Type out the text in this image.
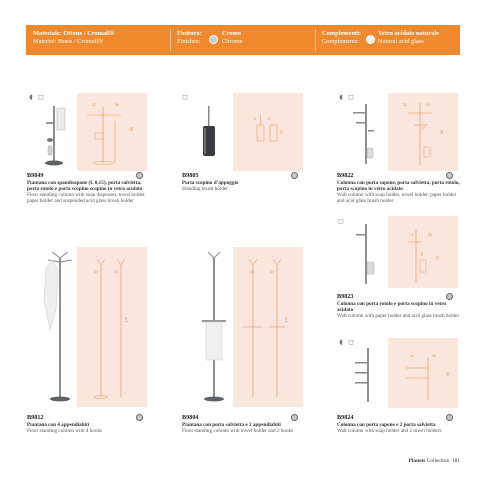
Materiale: Ottone / Cromall®
Material: Brass / Cromall®
Finitura:
Finishes:
Cromo
Chrome
Complementi:
Complements:
Vetro acidato naturale
Natural acid glass
◖ ◻
22	30
88
B9849
Piantana con spandisapone (L 0,15), porta salvietta, porta rotolo e porta scopino scopino in vetro acidato
Floor standing column with soap dispenser, towel holder, paper holder and suspended acid glass brush holder
◻
9	9
37
B9805
Porta scopino d’appoggio
Standing brush holder
◖ ◻
22	30
71
88
B9822
Colonna con porta sapone, porta salvietta, porta rotolo, porta scopino in vetro acidato
Wall column with soap holder, towel holder, paper holder and acid glass brush holder
30	30
175
B9812
Piantana con 4 appendiabiti
Floor standing column with 4 hooks
48	30
170
B9804
Piantana con porta salvietta e 2 appendiabiti
Floor standing column with towel holder and 2 hooks
◻
11	26
54
72
B9823
Colonna con porta rotolo e porta scopino in vetro acidato
Wall column with paper holder and acid glass brush holder
◖ ◻
41	30
38
B9824
Colonna con porta sapone e 2 porta salvietta
Wall column with soap holder and 2 towel holders
Planets Collection 181
